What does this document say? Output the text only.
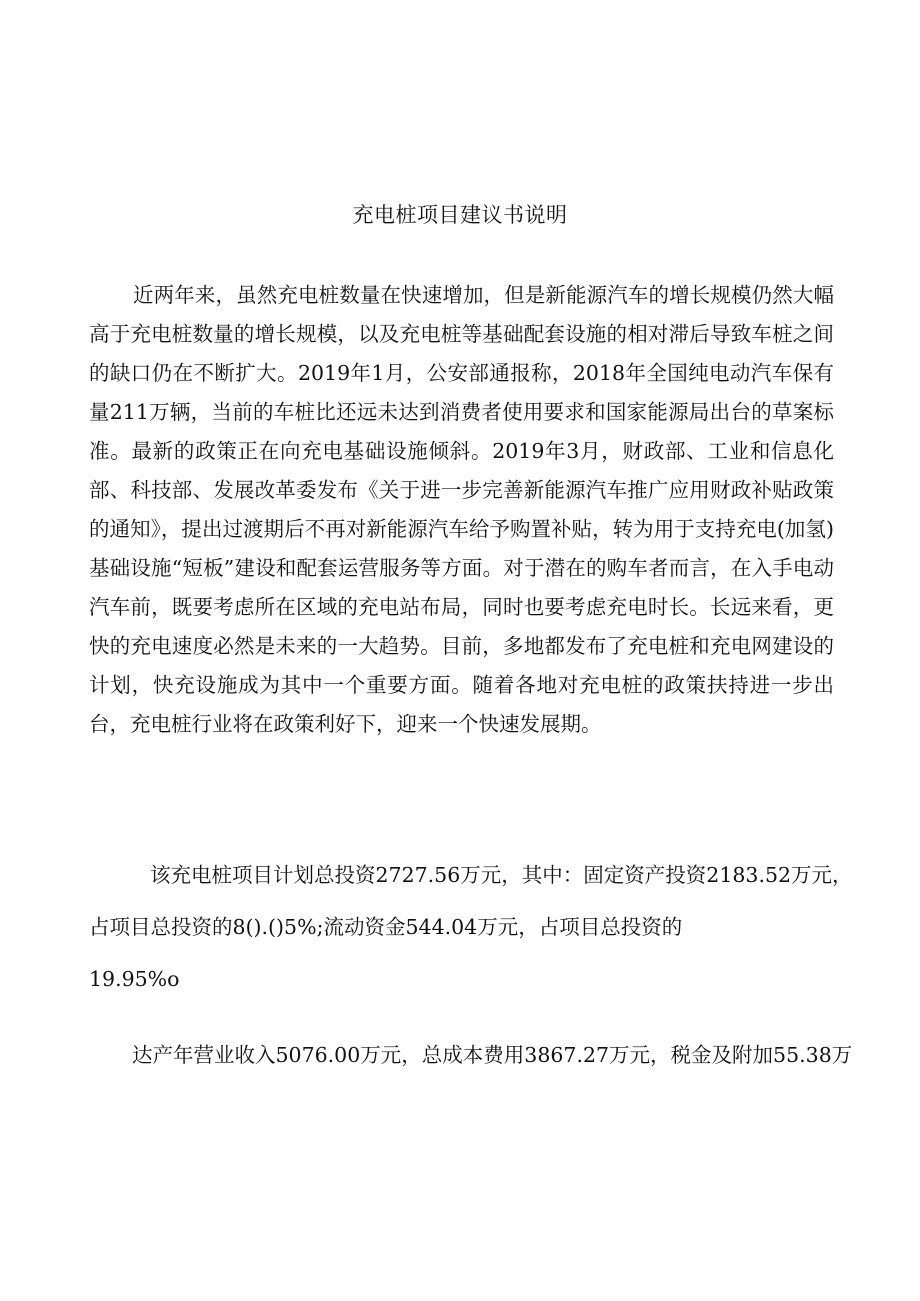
充电桩项目建议书说明
近两年来，虽然充电桩数量在快速增加，但是新能源汽车的增长规模仍然大幅高于充电桩数量的增长规模，以及充电桩等基础配套设施的相对滞后导致车桩之间的缺口仍在不断扩大。2019年1月，公安部通报称，2018年全国纯电动汽车保有量211万辆，当前的车桩比还远未达到消费者使用要求和国家能源局出台的草案标准。最新的政策正在向充电基础设施倾斜。2019年3月，财政部、工业和信息化部、科技部、发展改革委发布《关于进一步完善新能源汽车推广应用财政补贴政策的通知》，提出过渡期后不再对新能源汽车给予购置补贴，转为用于支持充电(加氢)基础设施“短板”建设和配套运营服务等方面。对于潜在的购车者而言，在入手电动汽车前，既要考虑所在区域的充电站布局，同时也要考虑充电时长。长远来看，更快的充电速度必然是未来的一大趋势。目前，多地都发布了充电桩和充电网建设的计划，快充设施成为其中一个重要方面。随着各地对充电桩的政策扶持进一步出台，充电桩行业将在政策利好下，迎来一个快速发展期。
该充电桩项目计划总投资2727.56万元，其中：固定资产投资2183.52万元，
占项目总投资的8().()5%;流动资金544.04万元，占项目总投资的
19.95%o
达产年营业收入5076.00万元，总成本费用3867.27万元，税金及附加55.38万
